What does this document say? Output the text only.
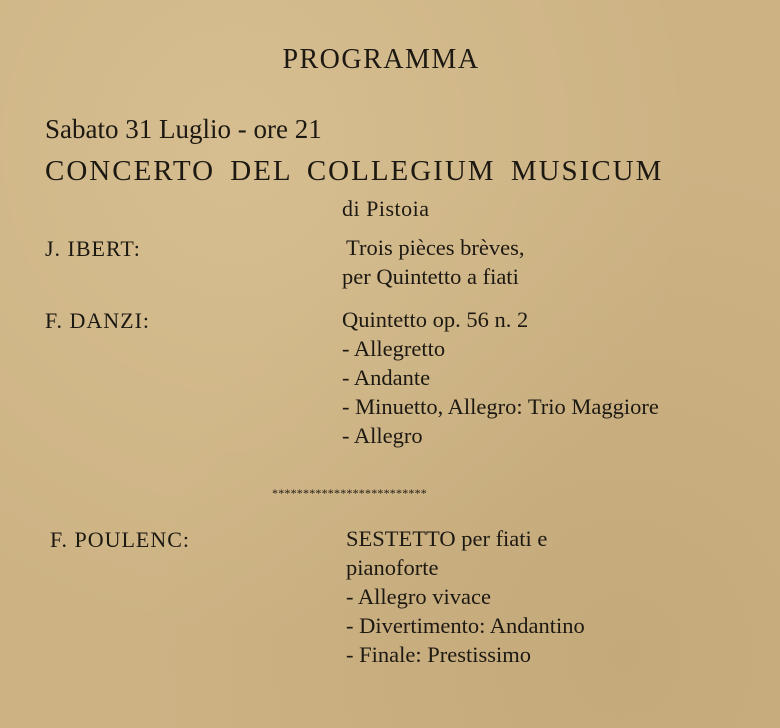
PROGRAMMA
Sabato 31 Luglio - ore 21
CONCERTO DEL COLLEGIUM MUSICUM
di Pistoia
J. IBERT:	Trois pièces brèves,
per Quintetto a fiati
F. DANZI:	Quintetto op. 56 n. 2
- Allegretto
- Andante
- Minuetto, Allegro: Trio Maggiore
- Allegro
*************************
F. POULENC:	SESTETTO per fiati e
pianoforte
- Allegro vivace
- Divertimento: Andantino
- Finale: Prestissimo
